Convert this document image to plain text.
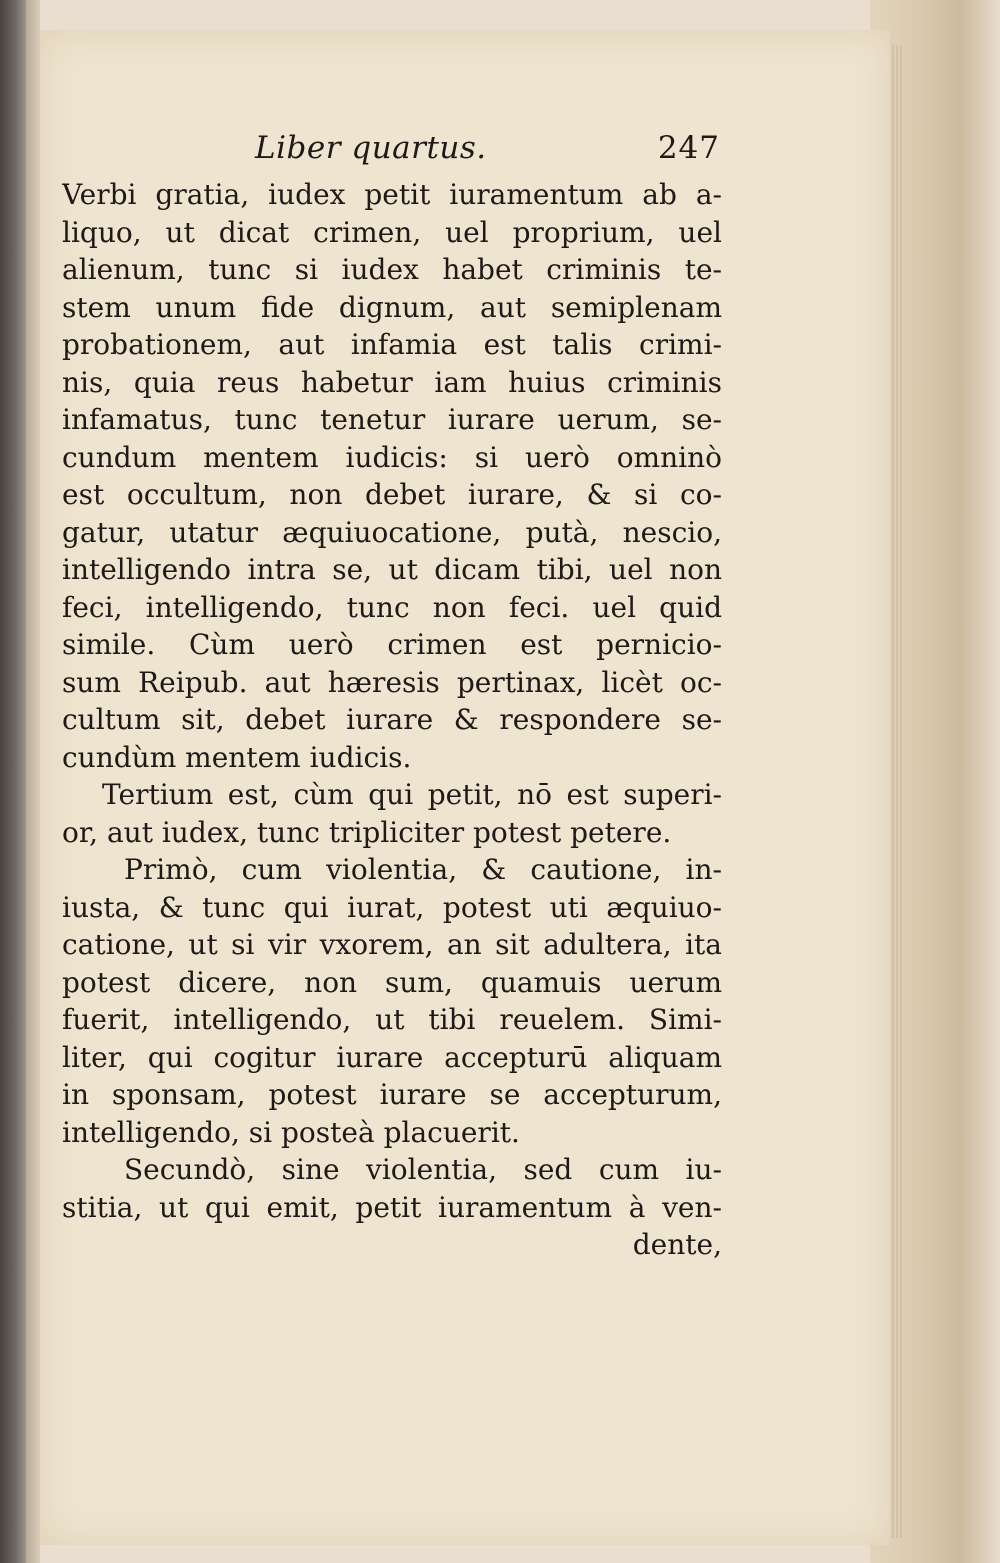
Liber quartus.	247
Verbi gratia, iudex petit iuramentum ab a-
liquo, ut dicat crimen, uel proprium, uel
alienum, tunc si iudex habet criminis te-
stem unum fide dignum, aut semiplenam
probationem, aut infamia est talis crimi-
nis, quia reus habetur iam huius criminis
infamatus, tunc tenetur iurare uerum, se-
cundum mentem iudicis: si uerò omninò
est occultum, non debet iurare, & si co-
gatur, utatur æquiuocatione, putà, nescio,
intelligendo intra se, ut dicam tibi, uel non
feci, intelligendo, tunc non feci. uel quid
simile. Cùm uerò crimen est pernicio-
sum Reipub. aut hæresis pertinax, licèt oc-
cultum sit, debet iurare & respondere se-
cundùm mentem iudicis.
Tertium est, cùm qui petit, nō est superi-
or, aut iudex, tunc tripliciter potest petere.
Primò, cum violentia, & cautione, in-
iusta, & tunc qui iurat, potest uti æquiuo-
catione, ut si vir vxorem, an sit adultera, ita
potest dicere, non sum, quamuis uerum
fuerit, intelligendo, ut tibi reuelem. Simi-
liter, qui cogitur iurare accepturū aliquam
in sponsam, potest iurare se accepturum,
intelligendo, si posteà placuerit.
Secundò, sine violentia, sed cum iu-
stitia, ut qui emit, petit iuramentum à ven-
dente,
